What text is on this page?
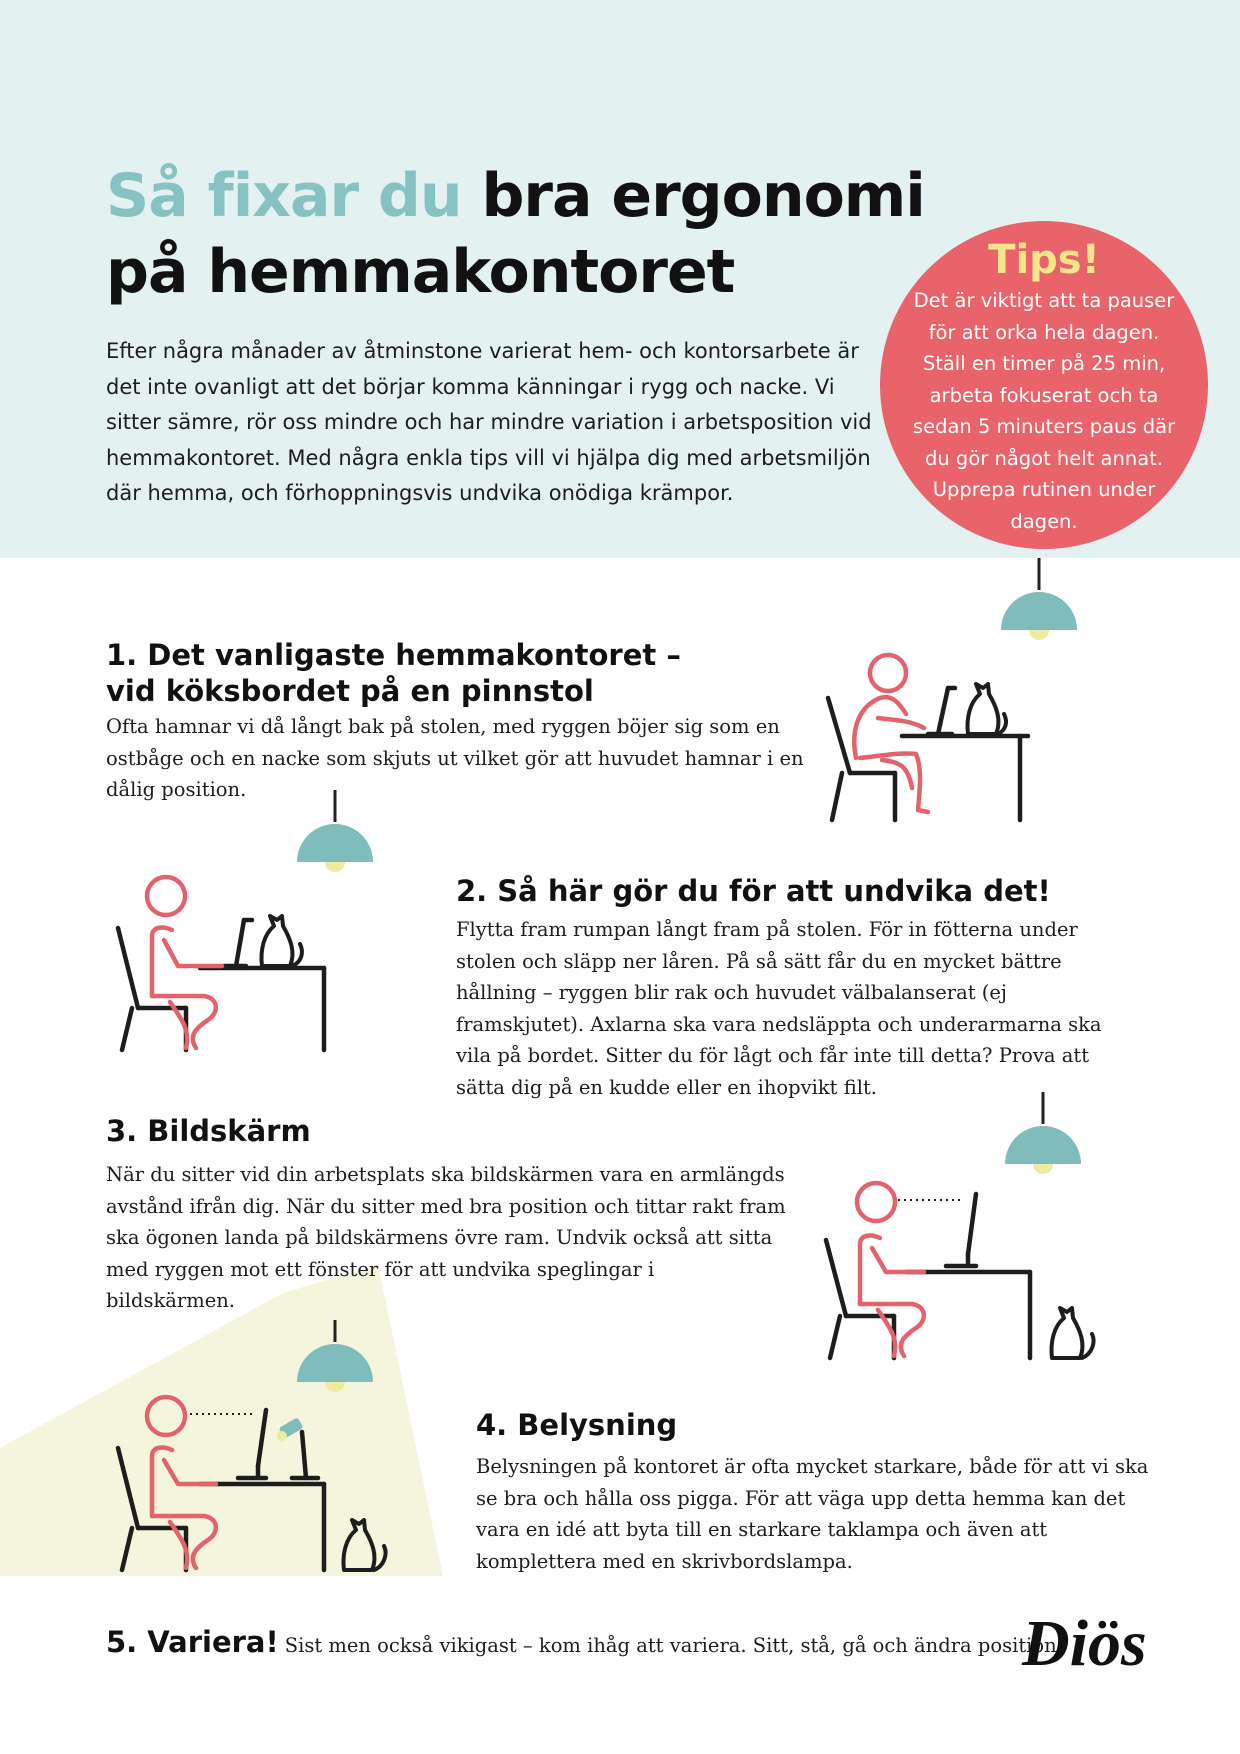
Så fixar du bra ergonomi
på hemmakontoret

Efter några månader av åtminstone varierat hem- och kontorsarbete är det inte ovanligt att det börjar komma känningar i rygg och nacke. Vi sitter sämre, rör oss mindre och har mindre variation i arbetsposition vid hemmakontoret. Med några enkla tips vill vi hjälpa dig med arbetsmiljön där hemma, och förhoppningsvis undvika onödiga krämpor.

Tips!
Det är viktigt att ta pauser för att orka hela dagen. Ställ en timer på 25 min, arbeta fokuserat och ta sedan 5 minuters paus där du gör något helt annat. Upprepa rutinen under dagen.
1. Det vanligaste hemmakontoret – vid köksbordet på en pinnstol

Ofta hamnar vi då långt bak på stolen, med ryggen böjer sig som en ostbåge och en nacke som skjuts ut vilket gör att huvudet hamnar i en dålig position.

2. Så här gör du för att undvika det!

Flytta fram rumpan långt fram på stolen. För in fötterna under stolen och släpp ner låren. På så sätt får du en mycket bättre hållning – ryggen blir rak och huvudet välbalanserat (ej framskjutet). Axlarna ska vara nedsläppta och underarmarna ska vila på bordet. Sitter du för lågt och får inte till detta? Prova att sätta dig på en kudde eller en ihopvikt filt.

3. Bildskärm

När du sitter vid din arbetsplats ska bildskärmen vara en armlängds avstånd ifrån dig. När du sitter med bra position och tittar rakt fram ska ögonen landa på bildskärmens övre ram. Undvik också att sitta med ryggen mot ett fönster för att undvika speglingar i bildskärmen.

4. Belysning

Belysningen på kontoret är ofta mycket starkare, både för att vi ska se bra och hålla oss pigga. För att väga upp detta hemma kan det vara en idé att byta till en starkare taklampa och även att komplettera med en skrivbordslampa.

5. Variera! Sist men också vikigast – kom ihåg att variera. Sitt, stå, gå och ändra position.

Diös
